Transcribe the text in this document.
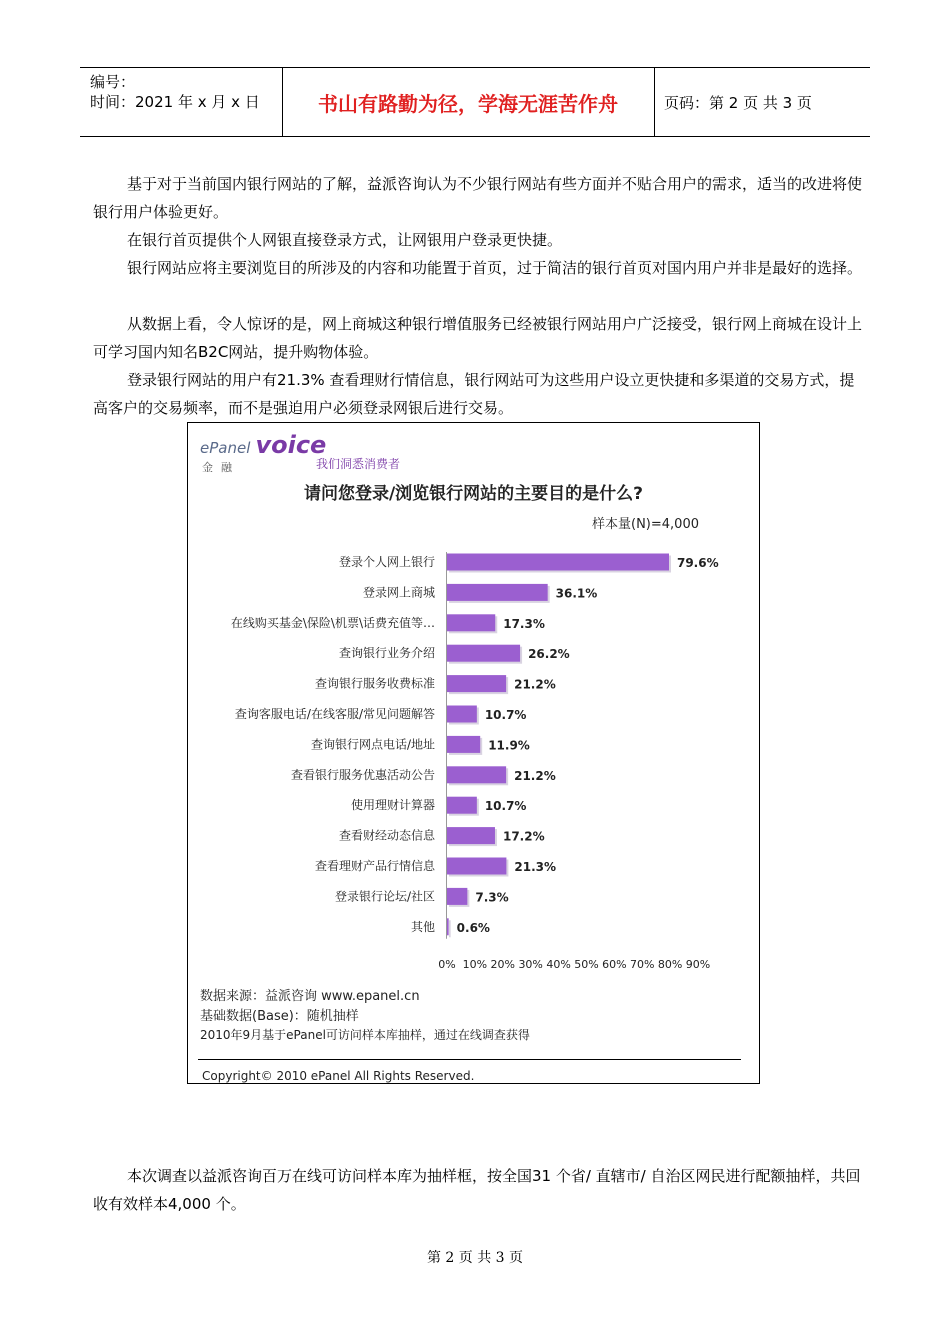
编号：
时间：2021 年 x 月 x 日	书山有路勤为径，学海无涯苦作舟	页码：第 2 页 共 3 页
基于对于当前国内银行网站的了解，益派咨询认为不少银行网站有些方面并不贴合用户的需求，适当的改进将使银行用户体验更好。
在银行首页提供个人网银直接登录方式，让网银用户登录更快捷。
银行网站应将主要浏览目的所涉及的内容和功能置于首页，过于简洁的银行首页对国内用户并非是最好的选择。
从数据上看，令人惊讶的是，网上商城这种银行增值服务已经被银行网站用户广泛接受，银行网上商城在设计上可学习国内知名B2C网站，提升购物体验。
登录银行网站的用户有21.3% 查看理财行情信息，银行网站可为这些用户设立更快捷和多渠道的交易方式，提高客户的交易频率，而不是强迫用户必须登录网银后进行交易。
ePanel voice
金融	我们洞悉消费者
请问您登录/浏览银行网站的主要目的是什么?
样本量(N)=4,000
登录个人网上银行	79.6%
登录网上商城	36.1%
在线购买基金\保险\机票\话费充值等…	17.3%
查询银行业务介绍	26.2%
查询银行服务收费标准	21.2%
查询客服电话/在线客服/常见问题解答	10.7%
查询银行网点电话/地址	11.9%
查看银行服务优惠活动公告	21.2%
使用理财计算器	10.7%
查看财经动态信息	17.2%
查看理财产品行情信息	21.3%
登录银行论坛/社区	7.3%
其他 0.6%
0% 10% 20% 30% 40% 50% 60% 70% 80% 90%
数据来源：益派咨询 www.epanel.cn
基础数据(Base)：随机抽样
2010年9月基于ePanel可访问样本库抽样，通过在线调查获得
Copyright© 2010 ePanel All Rights Reserved.
本次调查以益派咨询百万在线可访问样本库为抽样框，按全国31 个省/ 直辖市/ 自治区网民进行配额抽样，共回收有效样本4,000 个。
第 2 页 共 3 页
